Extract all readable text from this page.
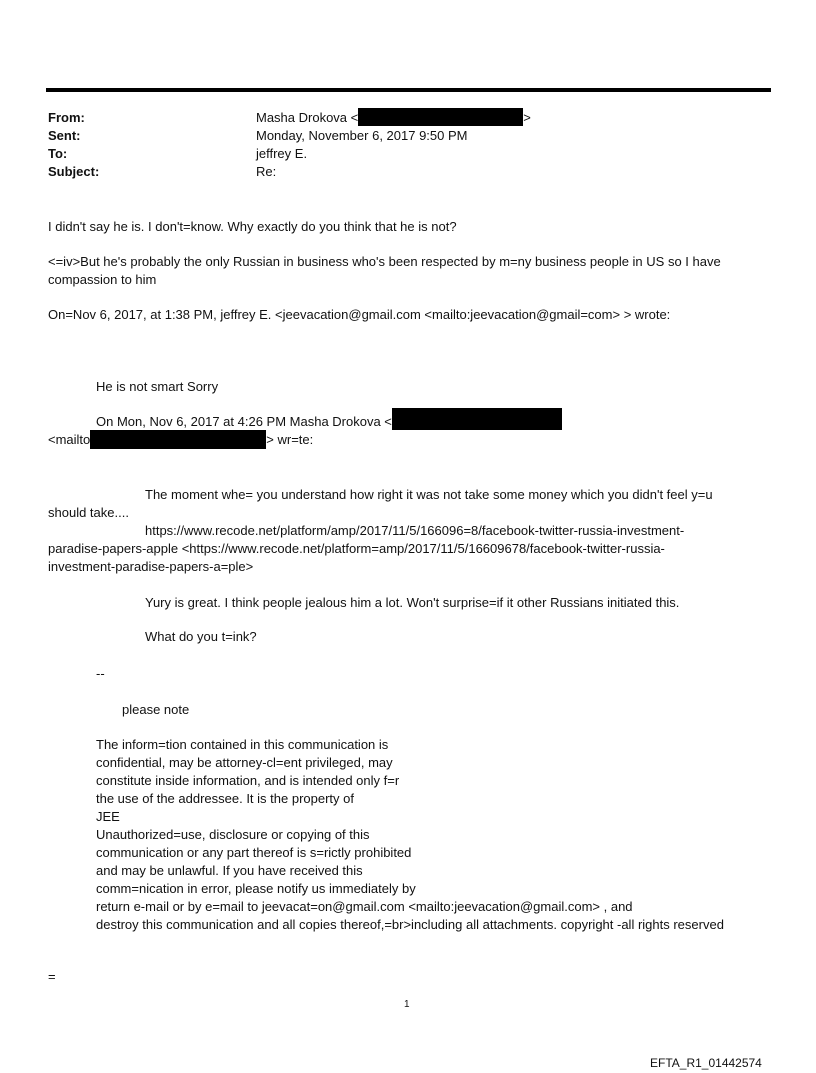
From:	Masha Drokova <	>
Sent:	Monday, November 6, 2017 9:50 PM
To:	jeffrey E.
Subject:	Re:
I didn't say he is. I don't=know. Why exactly do you think that he is not?
<=iv>But he's probably the only Russian in business who's been respected by m=ny business people in US so I have
compassion to him
On=Nov 6, 2017, at 1:38 PM, jeffrey E. <jeevacation@gmail.com <mailto:jeevacation@gmail=com> > wrote:
He is not smart Sorry
On Mon, Nov 6, 2017 at 4:26 PM Masha Drokova <
<mailto	> wr=te:
The moment whe= you understand how right it was not take some money which you didn't feel y=u
should take....
https://www.recode.net/platform/amp/2017/11/5/166096=8/facebook-twitter-russia-investment-
paradise-papers-apple <https://www.recode.net/platform=amp/2017/11/5/16609678/facebook-twitter-russia-
investment-paradise-papers-a=ple>
Yury is great. I think people jealous him a lot. Won't surprise=if it other Russians initiated this.
What do you t=ink?
--
please note
The inform=tion contained in this communication is
confidential, may be attorney-cl=ent privileged, may
constitute inside information, and is intended only f=r
the use of the addressee. It is the property of
JEE
Unauthorized=use, disclosure or copying of this
communication or any part thereof is s=rictly prohibited
and may be unlawful. If you have received this
comm=nication in error, please notify us immediately by
return e-mail or by e=mail to jeevacat=on@gmail.com <mailto:jeevacation@gmail.com> , and
destroy this communication and all copies thereof,=br>including all attachments. copyright -all rights reserved
=
1
EFTA_R1_01442574
